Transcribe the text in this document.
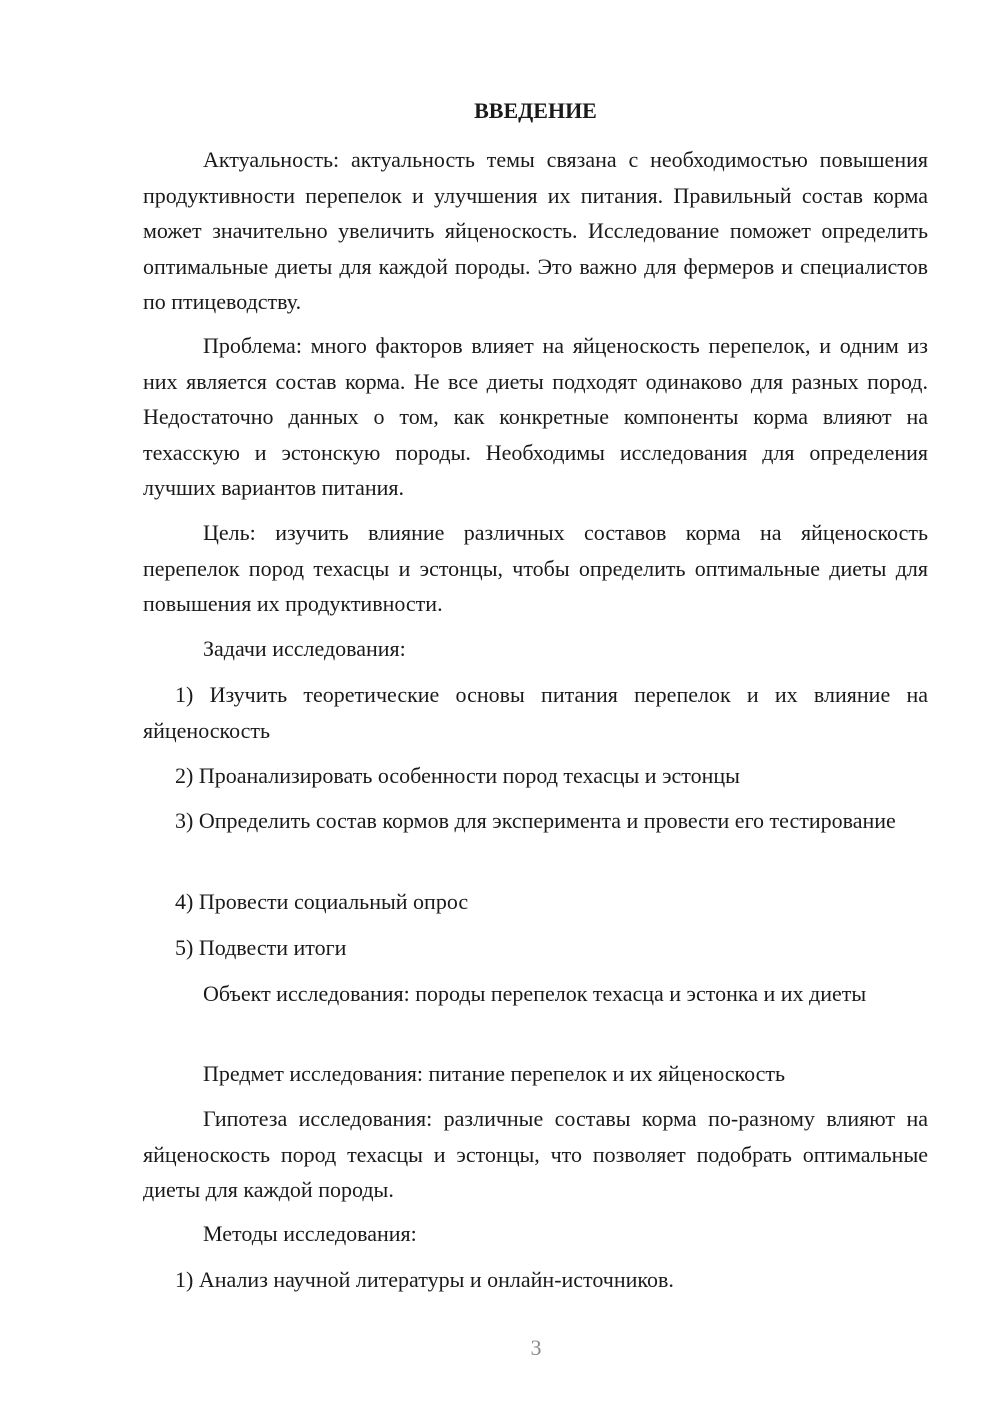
ВВЕДЕНИЕ

Актуальность: актуальность темы связана с необходимостью повышения продуктивности перепелок и улучшения их питания. Правильный состав корма может значительно увеличить яйценоскость. Исследование поможет определить оптимальные диеты для каждой породы. Это важно для фермеров и специалистов по птицеводству.

Проблема: много факторов влияет на яйценоскость перепелок, и одним из них является состав корма. Не все диеты подходят одинаково для разных пород. Недостаточно данных о том, как конкретные компоненты корма влияют на техасскую и эстонскую породы. Необходимы исследования для определения лучших вариантов питания.

Цель: изучить влияние различных составов корма на яйценоскость перепелок пород техасцы и эстонцы, чтобы определить оптимальные диеты для повышения их продуктивности.

Задачи исследования:

1) Изучить теоретические основы питания перепелок и их влияние на яйценоскость

2) Проанализировать особенности пород техасцы и эстонцы

3) Определить состав кормов для эксперимента и провести его тестирование

4) Провести социальный опрос

5) Подвести итоги

Объект исследования: породы перепелок техасца и эстонка и их диеты

Предмет исследования: питание перепелок и их яйценоскость

Гипотеза исследования: различные составы корма по-разному влияют на яйценоскость пород техасцы и эстонцы, что позволяет подобрать оптимальные диеты для каждой породы.

Методы исследования:

1) Анализ научной литературы и онлайн-источников.

3
